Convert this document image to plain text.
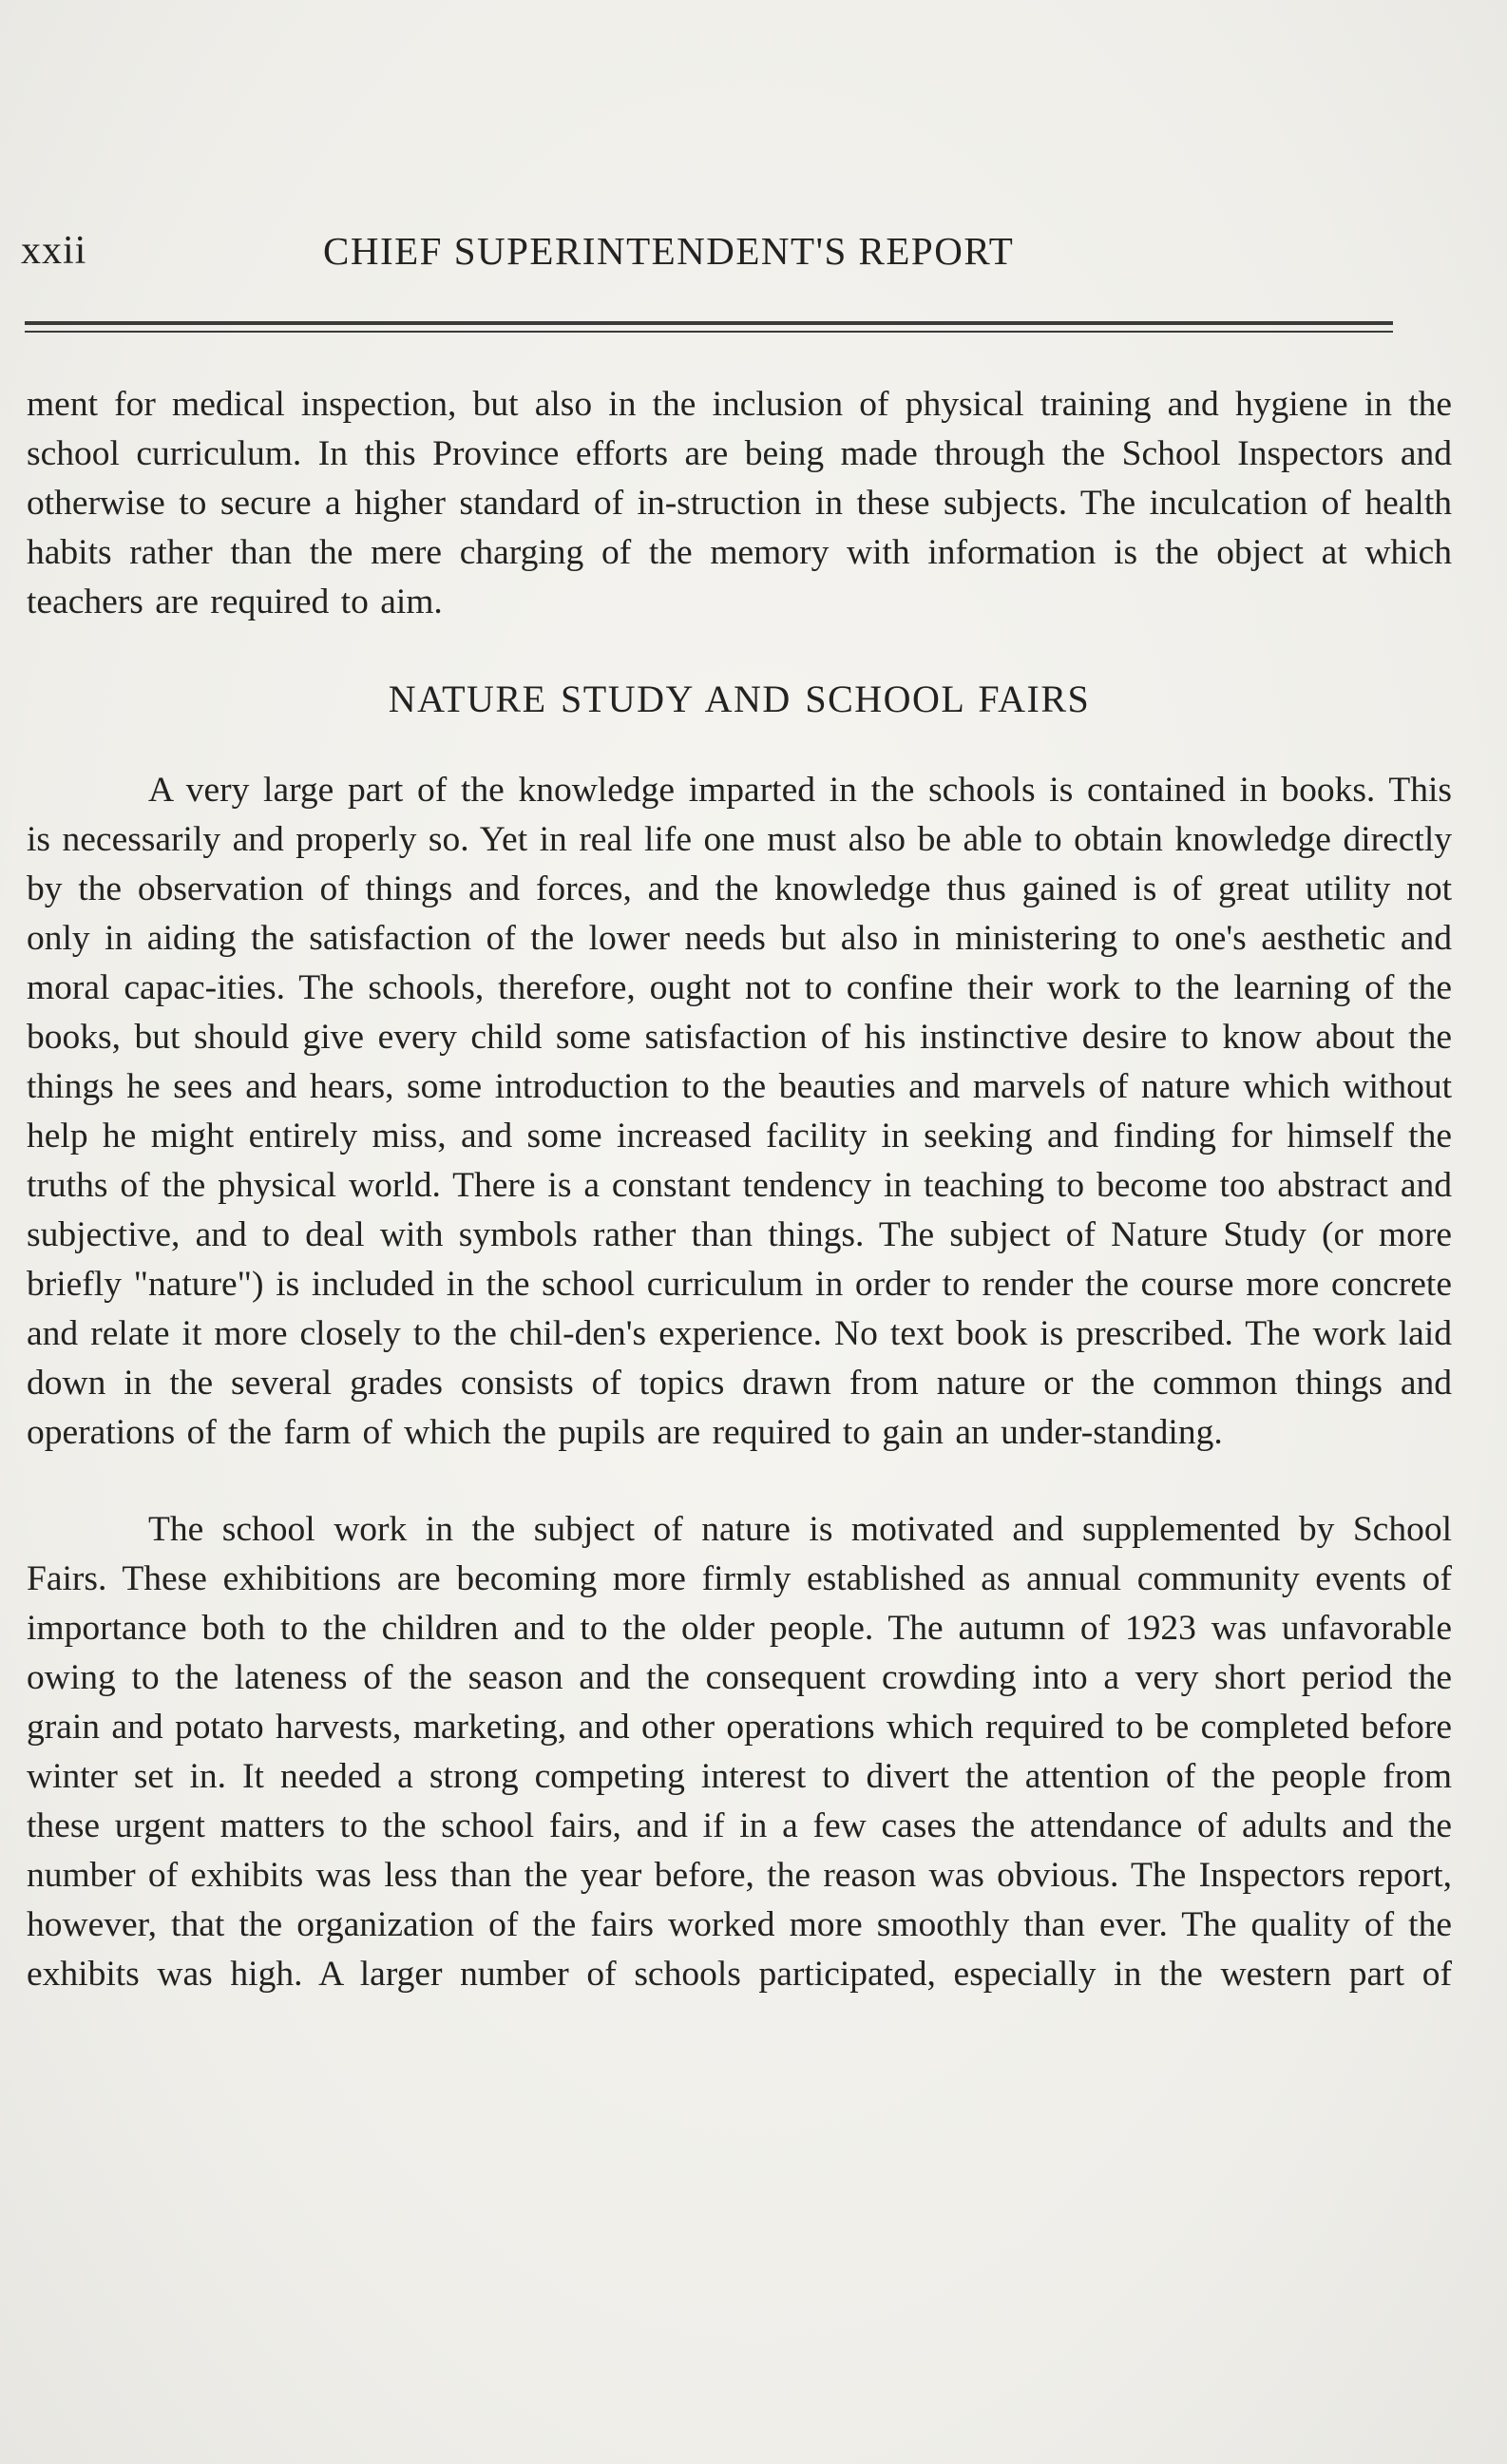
xxii	CHIEF SUPERINTENDENT'S REPORT

ment for medical inspection, but also in the inclusion of physical training and hygiene in the school curriculum. In this Province efforts are being made through the School Inspectors and otherwise to secure a higher standard of in-struction in these subjects. The inculcation of health habits rather than the mere charging of the memory with information is the object at which teachers are required to aim.

NATURE STUDY AND SCHOOL FAIRS

A very large part of the knowledge imparted in the schools is contained in books. This is necessarily and properly so. Yet in real life one must also be able to obtain knowledge directly by the observation of things and forces, and the knowledge thus gained is of great utility not only in aiding the satisfaction of the lower needs but also in ministering to one's aesthetic and moral capac-ities. The schools, therefore, ought not to confine their work to the learning of the books, but should give every child some satisfaction of his instinctive desire to know about the things he sees and hears, some introduction to the beauties and marvels of nature which without help he might entirely miss, and some increased facility in seeking and finding for himself the truths of the physical world. There is a constant tendency in teaching to become too abstract and subjective, and to deal with symbols rather than things. The subject of Nature Study (or more briefly "nature") is included in the school curriculum in order to render the course more concrete and relate it more closely to the chil-den's experience. No text book is prescribed. The work laid down in the several grades consists of topics drawn from nature or the common things and operations of the farm of which the pupils are required to gain an under-standing.

The school work in the subject of nature is motivated and supplemented by School Fairs. These exhibitions are becoming more firmly established as annual community events of importance both to the children and to the older people. The autumn of 1923 was unfavorable owing to the lateness of the season and the consequent crowding into a very short period the grain and potato harvests, marketing, and other operations which required to be completed before winter set in. It needed a strong competing interest to divert the attention of the people from these urgent matters to the school fairs, and if in a few cases the attendance of adults and the number of exhibits was less than the year before, the reason was obvious. The Inspectors report, however, that the organization of the fairs worked more smoothly than ever. The quality of the exhibits was high. A larger number of schools participated, especially in the western part of
